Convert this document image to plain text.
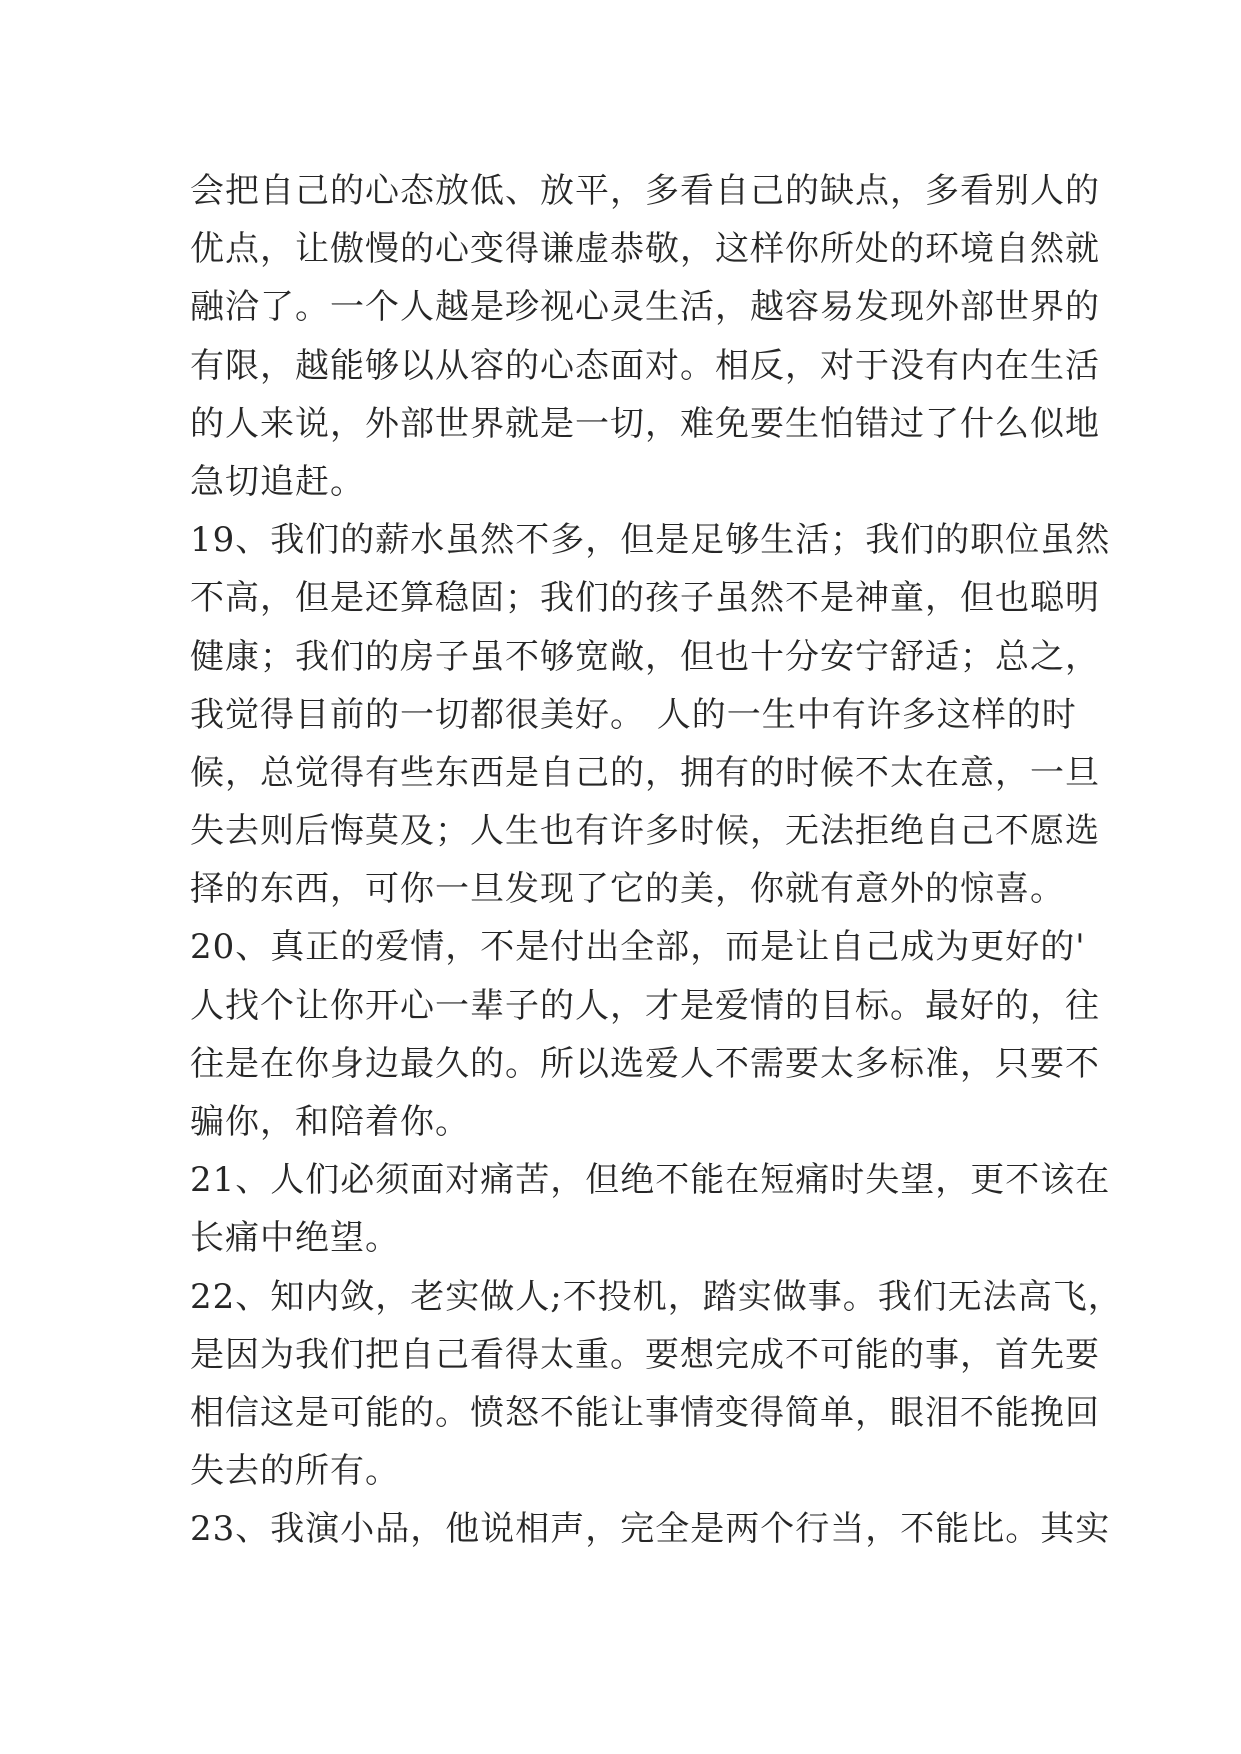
会把自己的心态放低、放平，多看自己的缺点，多看别人的
优点，让傲慢的心变得谦虚恭敬，这样你所处的环境自然就
融洽了。一个人越是珍视心灵生活，越容易发现外部世界的
有限，越能够以从容的心态面对。相反，对于没有内在生活
的人来说，外部世界就是一切，难免要生怕错过了什么似地
急切追赶。
19、我们的薪水虽然不多，但是足够生活；我们的职位虽然
不高，但是还算稳固；我们的孩子虽然不是神童，但也聪明
健康；我们的房子虽不够宽敞，但也十分安宁舒适；总之，
我觉得目前的一切都很美好。 人的一生中有许多这样的时
候，总觉得有些东西是自己的，拥有的时候不太在意，一旦
失去则后悔莫及；人生也有许多时候，无法拒绝自己不愿选
择的东西，可你一旦发现了它的美，你就有意外的惊喜。
20、真正的爱情，不是付出全部，而是让自己成为更好的'
人找个让你开心一辈子的人，才是爱情的目标。最好的，往
往是在你身边最久的。所以选爱人不需要太多标准，只要不
骗你，和陪着你。
21、人们必须面对痛苦，但绝不能在短痛时失望，更不该在
长痛中绝望。
22、知内敛，老实做人;不投机，踏实做事。我们无法高飞，
是因为我们把自己看得太重。要想完成不可能的事，首先要
相信这是可能的。愤怒不能让事情变得简单，眼泪不能挽回
失去的所有。
23、我演小品，他说相声，完全是两个行当，不能比。其实
